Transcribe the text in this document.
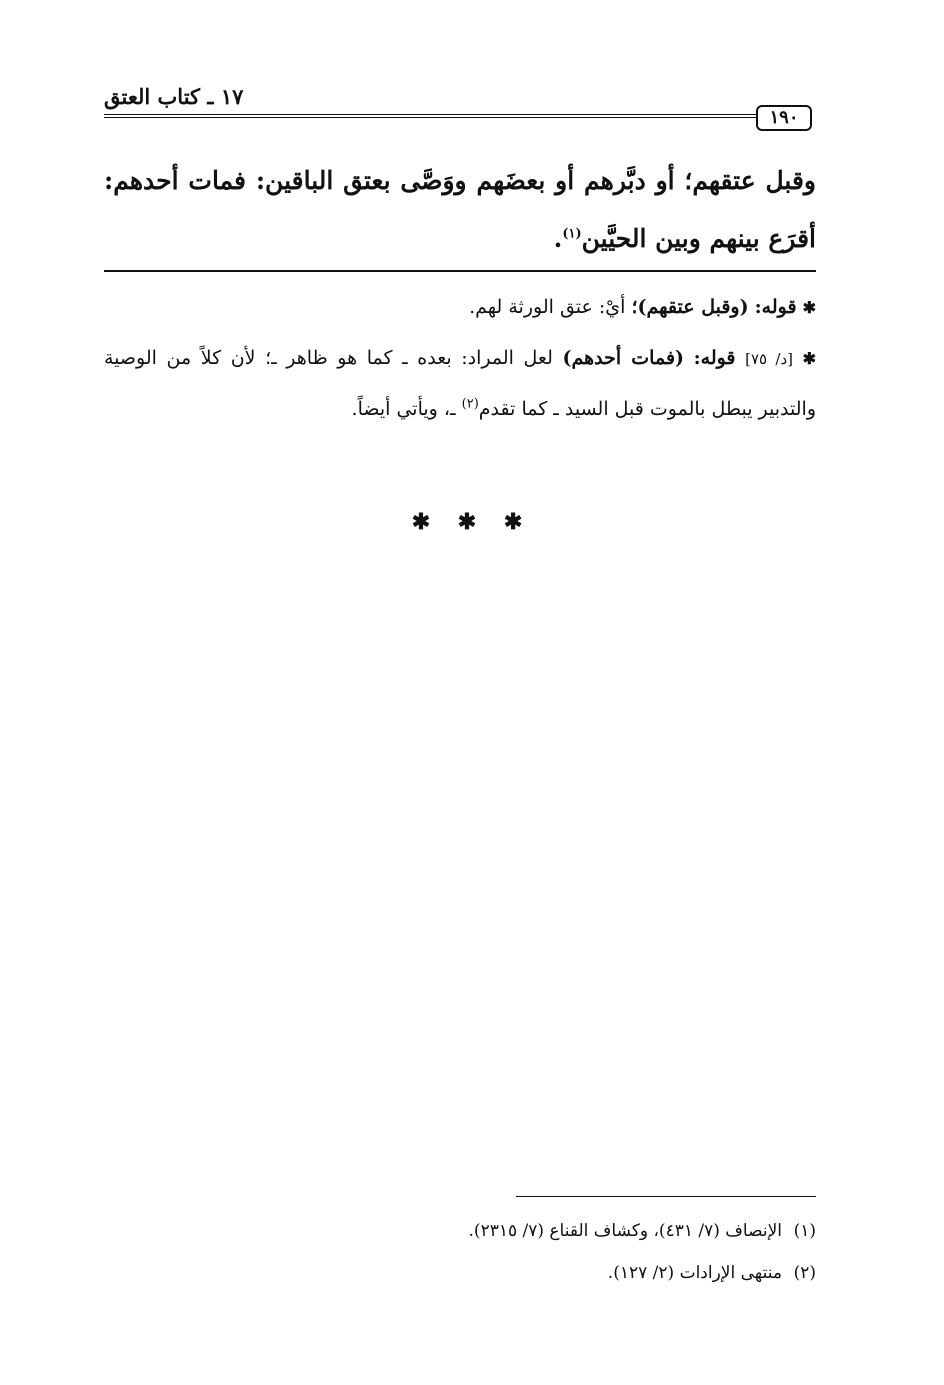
١٧ ـ كتاب العتق
١٩٠

وقبل عتقهم؛ أو دبَّرهم أو بعضَهم ووَصَّى بعتق الباقين: فمات أحدهم:

أقرَع بينهم وبين الحيَّين$^{(١)}$.

✱ قوله: (وقبل عتقهم)؛ أيْ: عتق الورثة لهم.

✱ [د/ ٧٥] قوله: (فمات أحدهم) لعل المراد: بعده ـ كما هو ظاهر ـ؛ لأن كلاً من الوصية والتدبير يبطل بالموت قبل السيد ـ كما تقدم$^{(٢)}$ ـ، ويأتي أيضاً.

✱ ✱ ✱

(١)الإنصاف (٧/ ٤٣١)، وكشاف القناع (٧/ ٢٣١٥).

(٢)منتهى الإرادات (٢/ ١٢٧).
